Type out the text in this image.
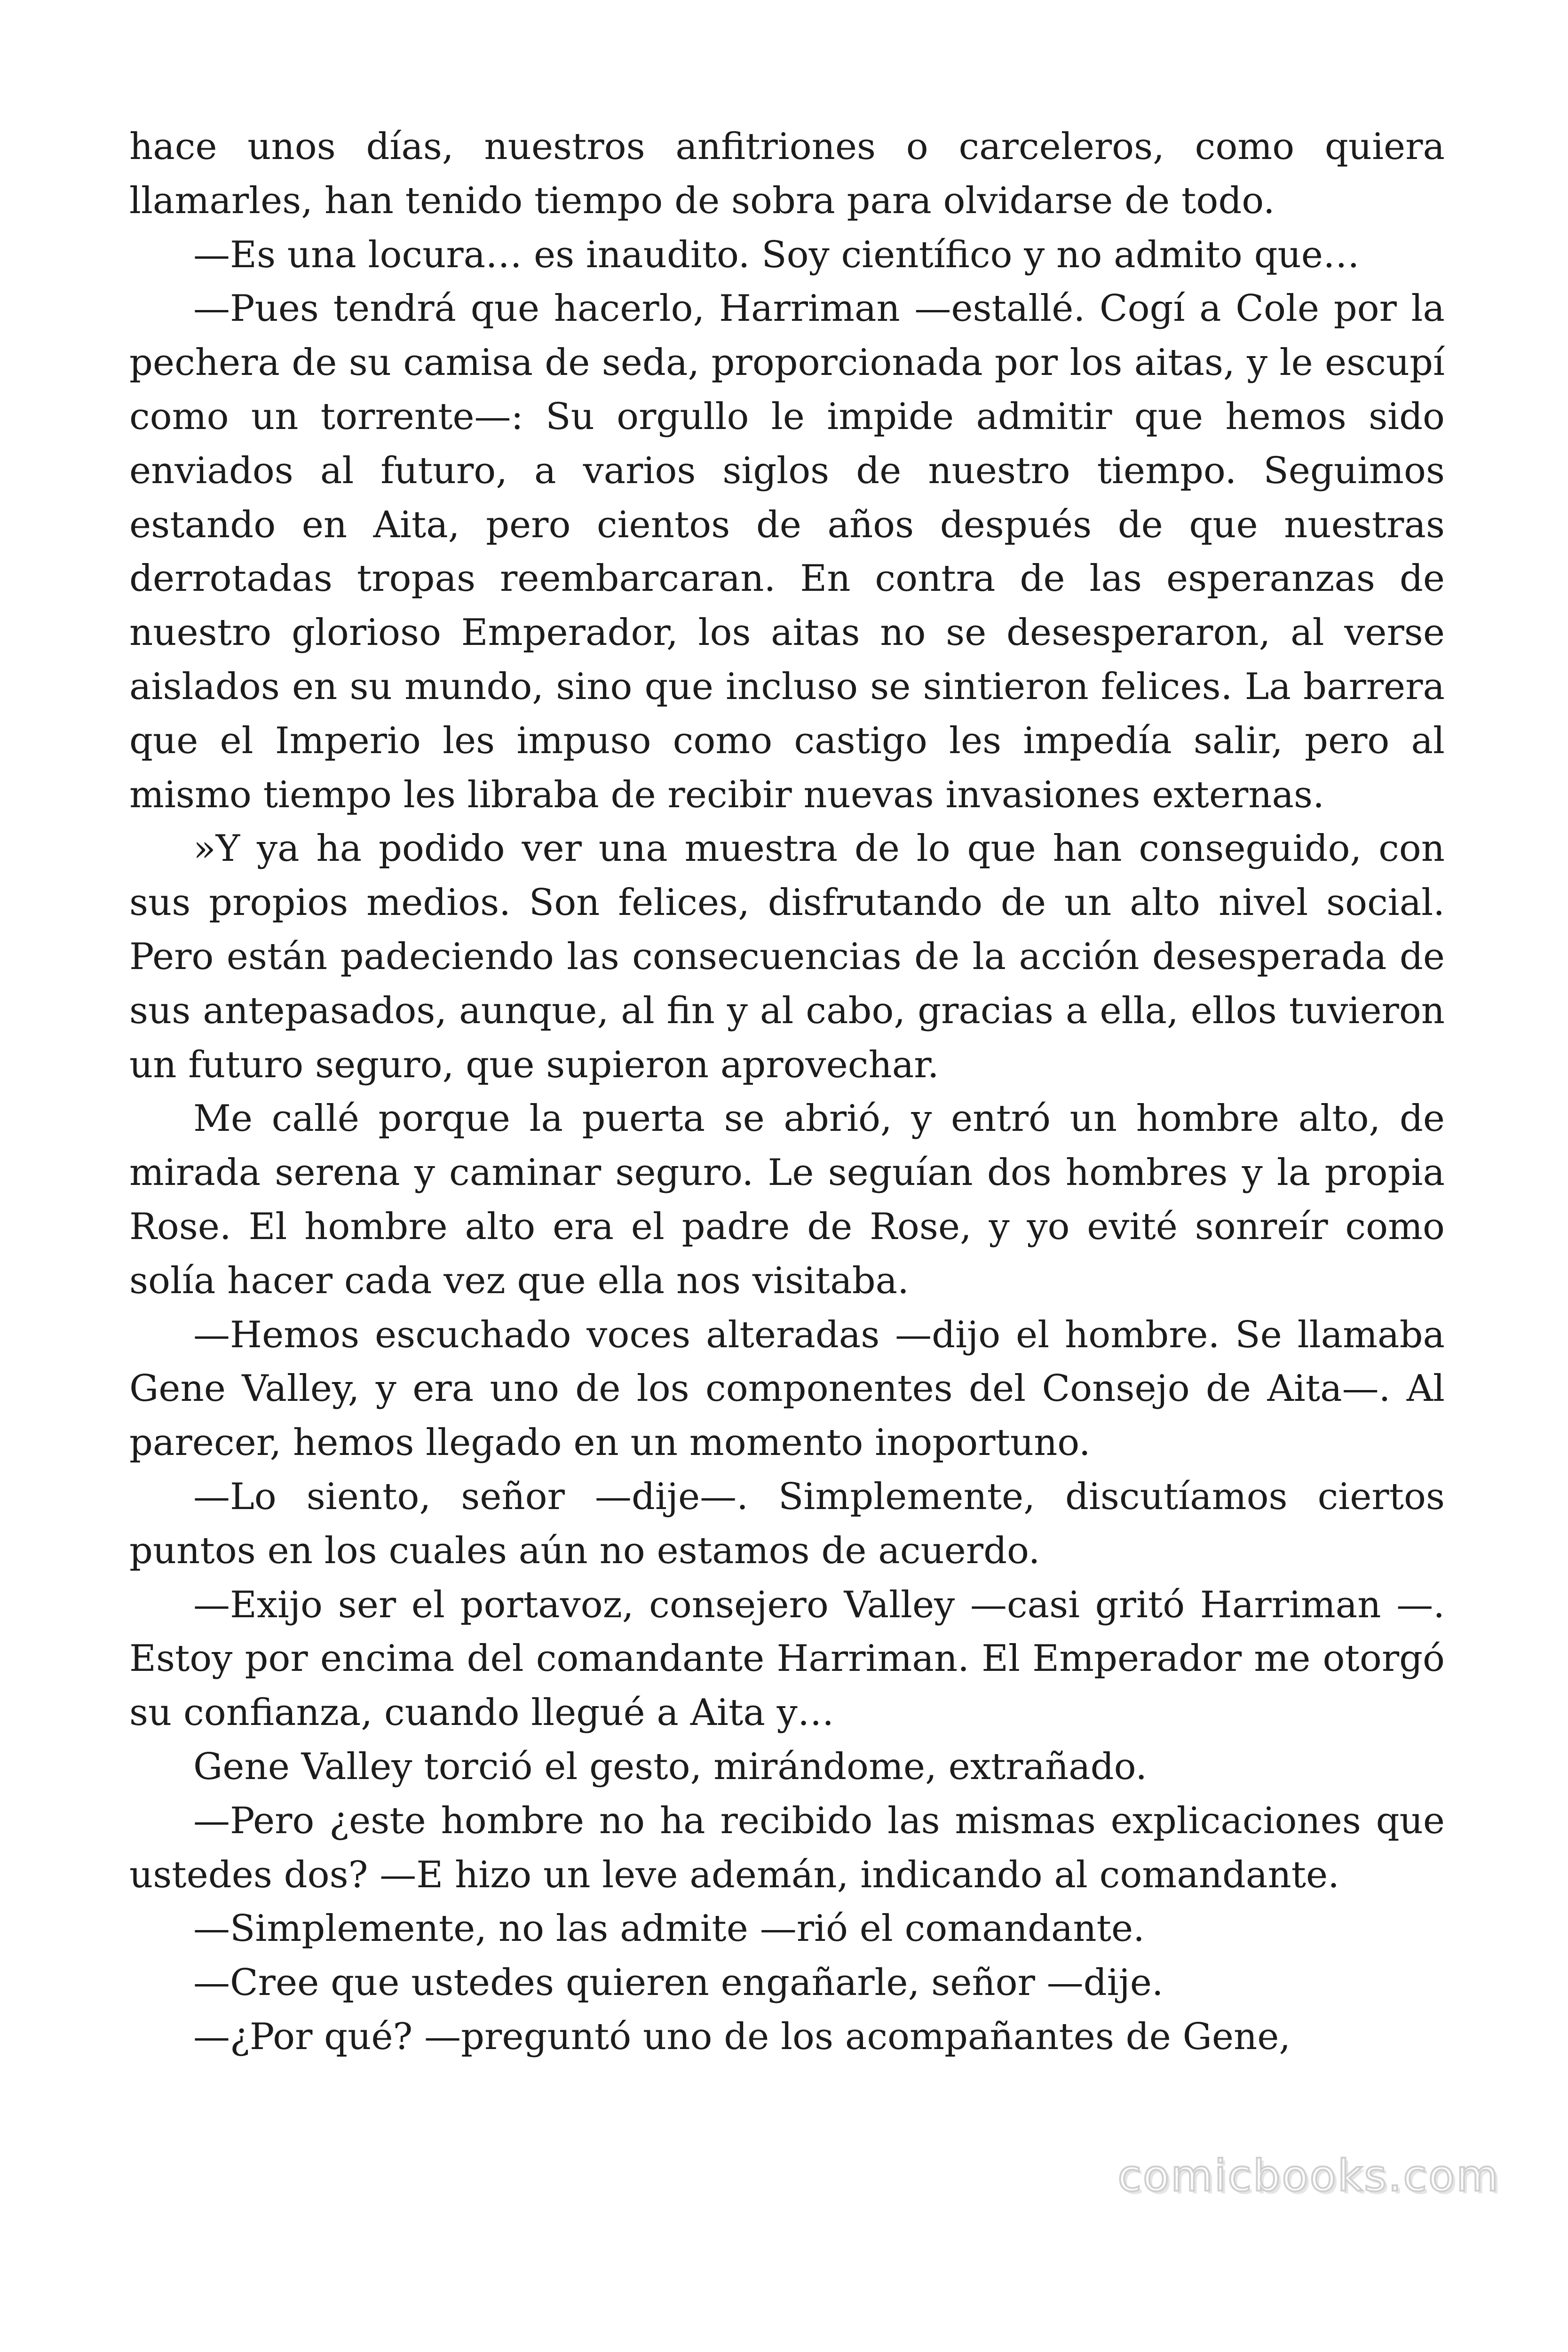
hace unos días, nuestros anfitriones o carceleros, como quiera llamarles, han tenido tiempo de sobra para olvidarse de todo.

—Es una locura… es inaudito. Soy científico y no admito que…

—Pues tendrá que hacerlo, Harriman —estallé. Cogí a Cole por la pechera de su camisa de seda, proporcionada por los aitas, y le escupí como un torrente—: Su orgullo le impide admitir que hemos sido enviados al futuro, a varios siglos de nuestro tiempo. Seguimos estando en Aita, pero cientos de años después de que nuestras derrotadas tropas reembarcaran. En contra de las esperanzas de nuestro glorioso Emperador, los aitas no se desesperaron, al verse aislados en su mundo, sino que incluso se sintieron felices. La barrera que el Imperio les impuso como castigo les impedía salir, pero al mismo tiempo les libraba de recibir nuevas invasiones externas.

»Y ya ha podido ver una muestra de lo que han conseguido, con sus propios medios. Son felices, disfrutando de un alto nivel social. Pero están padeciendo las consecuencias de la acción desesperada de sus antepasados, aunque, al fin y al cabo, gracias a ella, ellos tuvieron un futuro seguro, que supieron aprovechar.

Me callé porque la puerta se abrió, y entró un hombre alto, de mirada serena y caminar seguro. Le seguían dos hombres y la propia Rose. El hombre alto era el padre de Rose, y yo evité sonreír como solía hacer cada vez que ella nos visitaba.

—Hemos escuchado voces alteradas —dijo el hombre. Se llamaba Gene Valley, y era uno de los componentes del Consejo de Aita—. Al parecer, hemos llegado en un momento inoportuno.

—Lo siento, señor —dije—. Simplemente, discutíamos ciertos puntos en los cuales aún no estamos de acuerdo.

—Exijo ser el portavoz, consejero Valley —casi gritó Harriman —. Estoy por encima del comandante Harriman. El Emperador me otorgó su confianza, cuando llegué a Aita y…

Gene Valley torció el gesto, mirándome, extrañado.

—Pero ¿este hombre no ha recibido las mismas explicaciones que ustedes dos? —E hizo un leve ademán, indicando al comandante.

—Simplemente, no las admite —rió el comandante.

—Cree que ustedes quieren engañarle, señor —dije.

—¿Por qué? —preguntó uno de los acompañantes de Gene,

comicbooks.com
